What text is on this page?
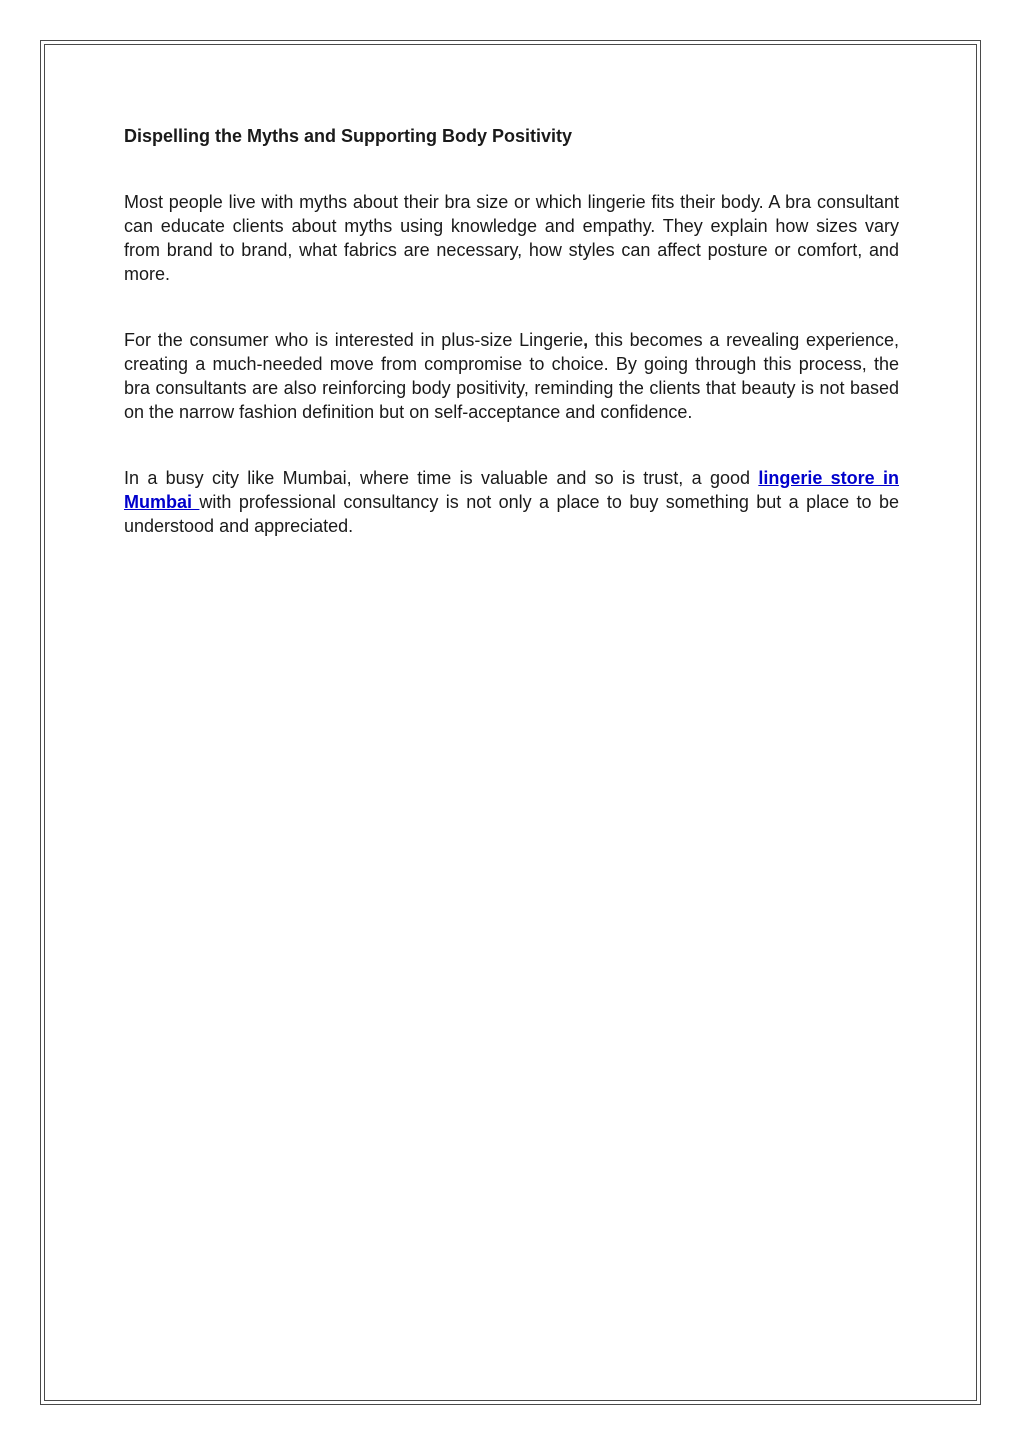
Dispelling the Myths and Supporting Body Positivity

Most people live with myths about their bra size or which lingerie fits their body. A bra consultant can educate clients about myths using knowledge and empathy. They explain how sizes vary from brand to brand, what fabrics are necessary, how styles can affect posture or comfort, and more.

For the consumer who is interested in plus-size Lingerie, this becomes a revealing experience, creating a much-needed move from compromise to choice. By going through this process, the bra consultants are also reinforcing body positivity, reminding the clients that beauty is not based on the narrow fashion definition but on self-acceptance and confidence.

In a busy city like Mumbai, where time is valuable and so is trust, a good lingerie store in Mumbai with professional consultancy is not only a place to buy something but a place to be understood and appreciated.
